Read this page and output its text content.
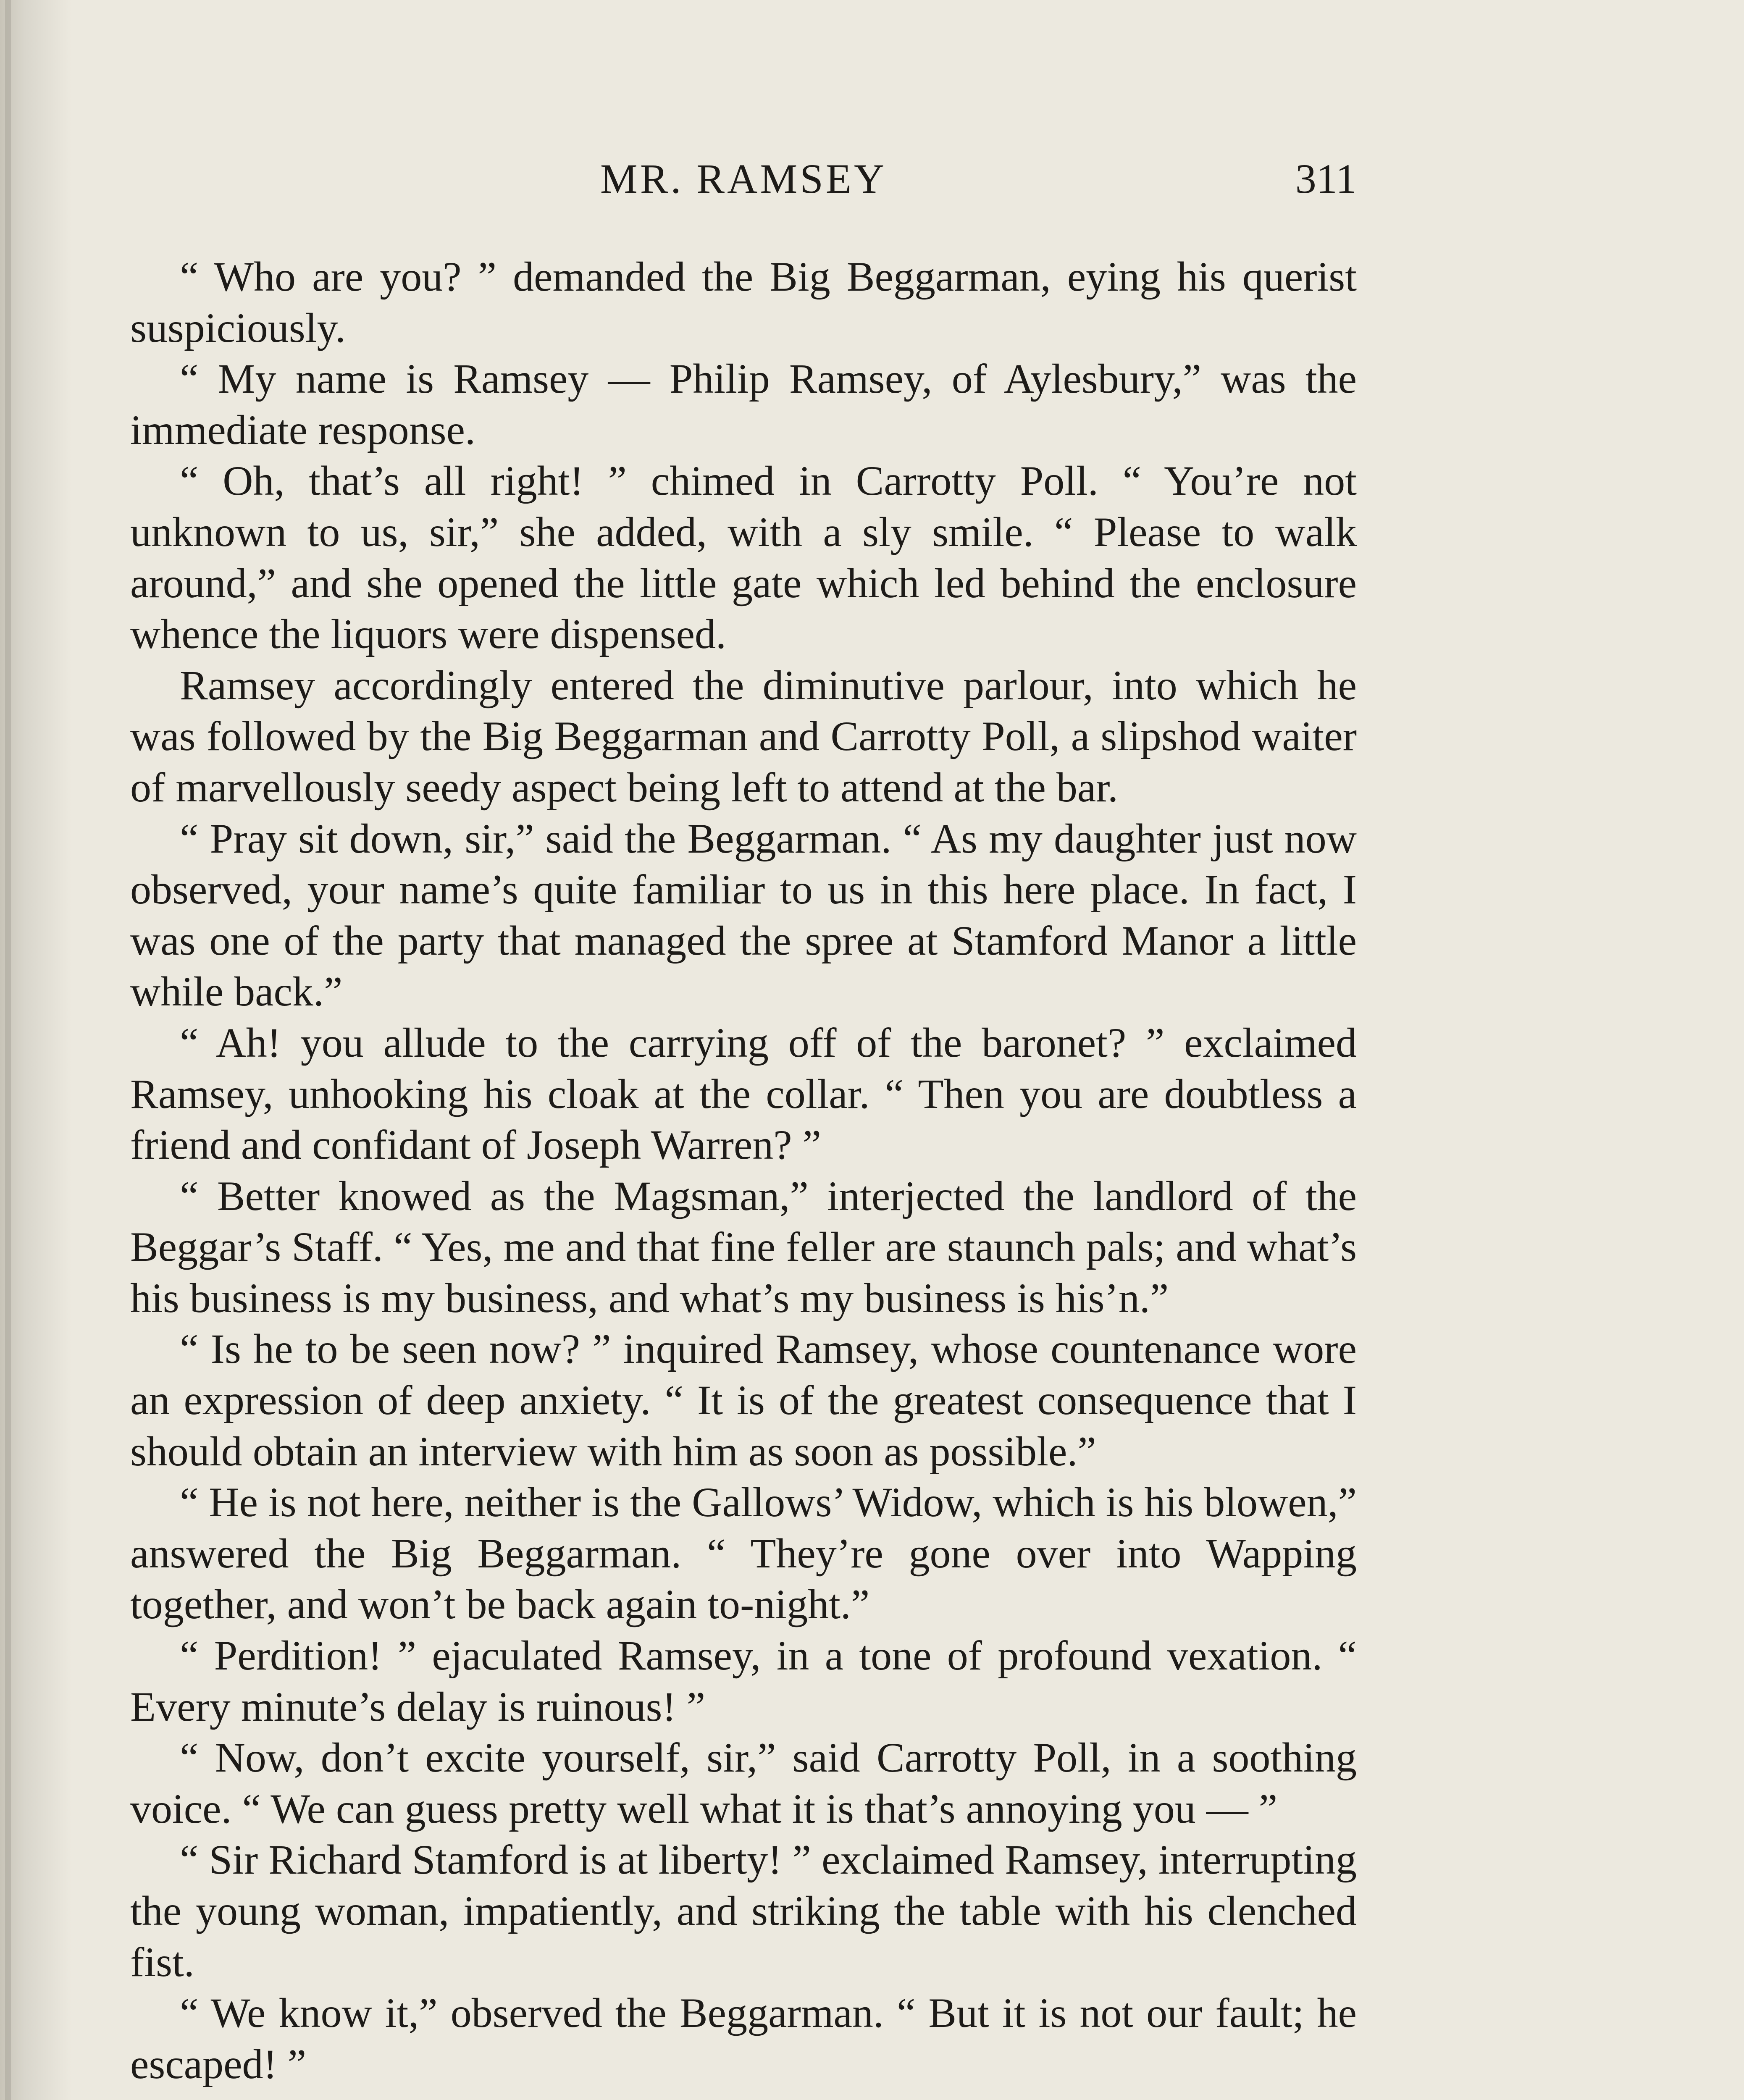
MR. RAMSEY	311

“ Who are you? ” demanded the Big Beggarman, eying his querist suspiciously.

“ My name is Ramsey — Philip Ramsey, of Aylesbury,” was the immediate response.

“ Oh, that’s all right! ” chimed in Carrotty Poll. “ You’re not unknown to us, sir,” she added, with a sly smile. “ Please to walk around,” and she opened the little gate which led behind the enclosure whence the liquors were dispensed.

Ramsey accordingly entered the diminutive parlour, into which he was followed by the Big Beggarman and Carrotty Poll, a slipshod waiter of marvellously seedy aspect being left to attend at the bar.

“ Pray sit down, sir,” said the Beggarman. “ As my daughter just now observed, your name’s quite familiar to us in this here place. In fact, I was one of the party that managed the spree at Stamford Manor a little while back.”

“ Ah! you allude to the carrying off of the baronet? ” exclaimed Ramsey, unhooking his cloak at the collar. “ Then you are doubtless a friend and confidant of Joseph Warren? ”

“ Better knowed as the Magsman,” interjected the landlord of the Beggar’s Staff. “ Yes, me and that fine feller are staunch pals; and what’s his business is my business, and what’s my business is his’n.”

“ Is he to be seen now? ” inquired Ramsey, whose countenance wore an expression of deep anxiety. “ It is of the greatest consequence that I should obtain an interview with him as soon as possible.”

“ He is not here, neither is the Gallows’ Widow, which is his blowen,” answered the Big Beggarman. “ They’re gone over into Wapping together, and won’t be back again to-night.”

“ Perdition! ” ejaculated Ramsey, in a tone of profound vexation. “ Every minute’s delay is ruinous! ”

“ Now, don’t excite yourself, sir,” said Carrotty Poll, in a soothing voice. “ We can guess pretty well what it is that’s annoying you — ”

“ Sir Richard Stamford is at liberty! ” exclaimed Ramsey, interrupting the young woman, impatiently, and striking the table with his clenched fist.

“ We know it,” observed the Beggarman. “ But it is not our fault; he escaped! ”
